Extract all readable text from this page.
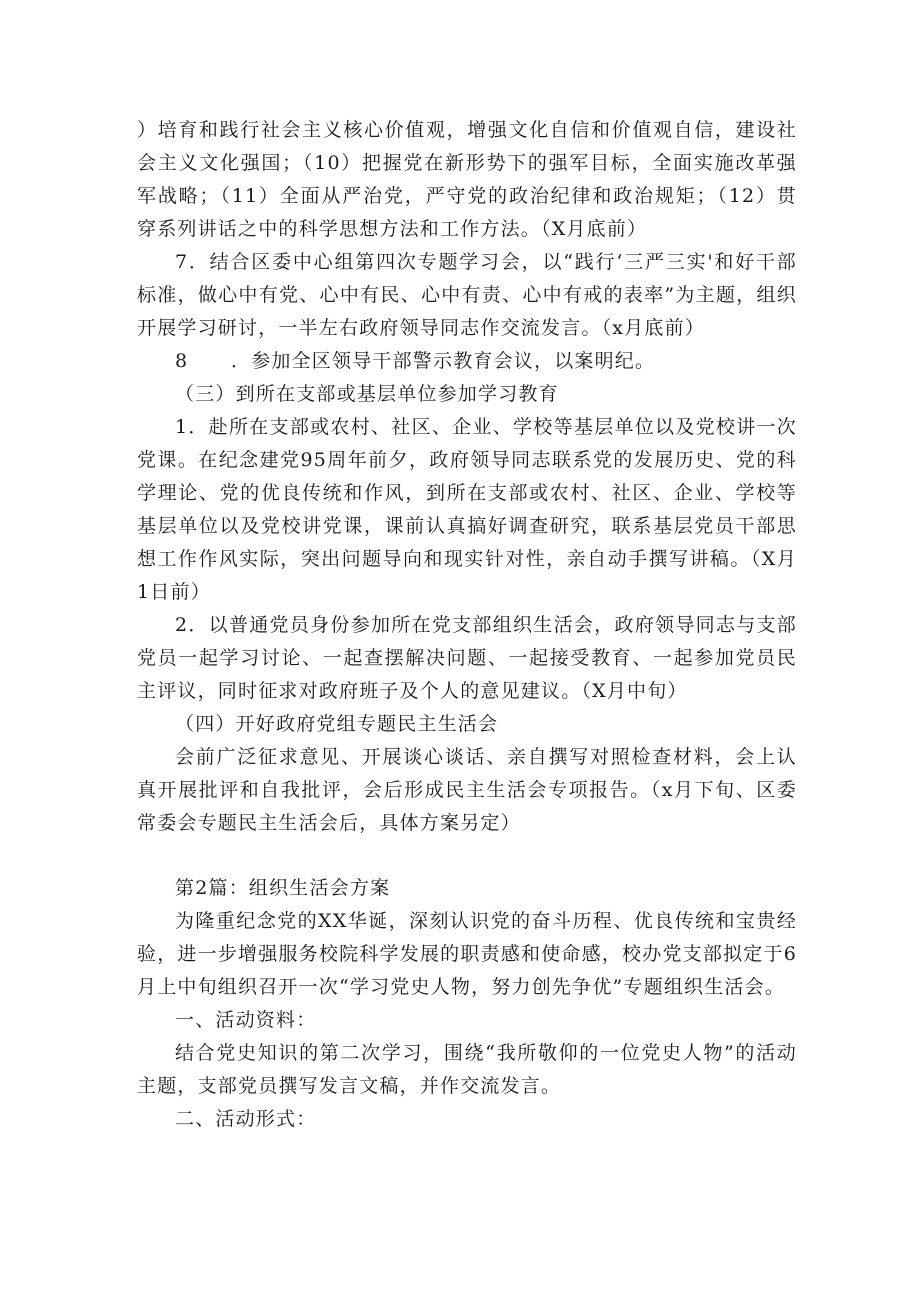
）培育和践行社会主义核心价值观，增强文化自信和价值观自信，建设社会主义文化强国；（10）把握党在新形势下的强军目标，全面实施改革强军战略；（11）全面从严治党，严守党的政治纪律和政治规矩；（12）贯穿系列讲话之中的科学思想方法和工作方法。（X月底前）

7．结合区委中心组第四次专题学习会，以“践行‘三严三实'和好干部标准，做心中有党、心中有民、心中有责、心中有戒的表率”为主题，组织开展学习研讨，一半左右政府领导同志作交流发言。（x月底前）

8 ．参加全区领导干部警示教育会议，以案明纪。

（三）到所在支部或基层单位参加学习教育

1．赴所在支部或农村、社区、企业、学校等基层单位以及党校讲一次党课。在纪念建党95周年前夕，政府领导同志联系党的发展历史、党的科学理论、党的优良传统和作风，到所在支部或农村、社区、企业、学校等基层单位以及党校讲党课，课前认真搞好调查研究，联系基层党员干部思想工作作风实际，突出问题导向和现实针对性，亲自动手撰写讲稿。（X月1日前）

2．以普通党员身份参加所在党支部组织生活会，政府领导同志与支部党员一起学习讨论、一起查摆解决问题、一起接受教育、一起参加党员民主评议，同时征求对政府班子及个人的意见建议。（X月中旬）

（四）开好政府党组专题民主生活会

会前广泛征求意见、开展谈心谈话、亲自撰写对照检查材料，会上认真开展批评和自我批评，会后形成民主生活会专项报告。（x月下旬、区委常委会专题民主生活会后，具体方案另定）

第2篇：组织生活会方案

为隆重纪念党的XX华诞，深刻认识党的奋斗历程、优良传统和宝贵经验，进一步增强服务校院科学发展的职责感和使命感，校办党支部拟定于6月上中旬组织召开一次“学习党史人物，努力创先争优”专题组织生活会。

一、活动资料：

结合党史知识的第二次学习，围绕“我所敬仰的一位党史人物”的活动主题，支部党员撰写发言文稿，并作交流发言。

二、活动形式：
